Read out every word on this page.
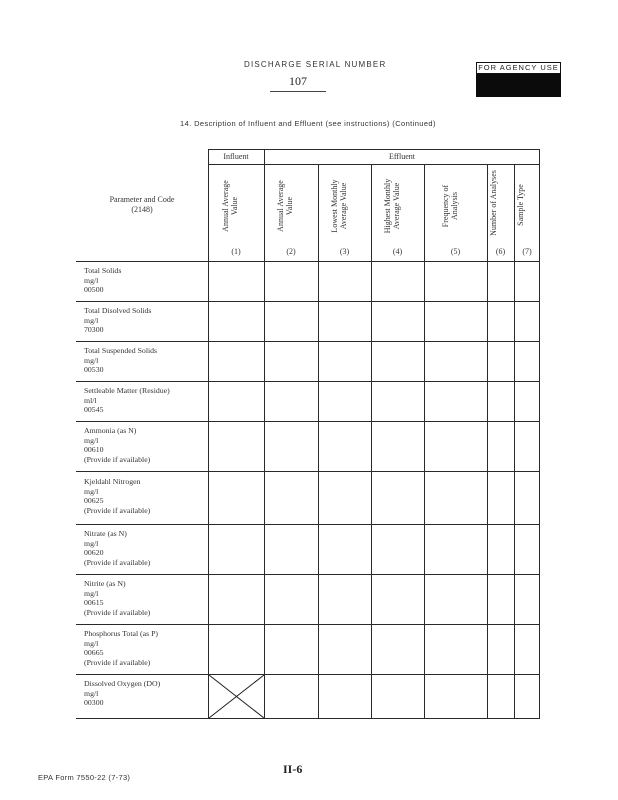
DISCHARGE SERIAL NUMBER
107
FOR AGENCY USE
14. Description of Influent and Effluent (see instructions) (Continued)
Influent	Effluent
Parameter and Code
(2148)	Annual Average Value	Annual Average Value	Lowest Monthly Average Value	Highest Monthly Average Value	Frequency of Analysis	Number of Analyses	Sample Type
(1)	(2)	(3)	(4)	(5)	(6)	(7)
Total Solids
mg/l
00500
Total Disolved Solids
mg/l
70300
Total Suspended Solids
mg/l
00530
Settleable Matter (Residue)
ml/l
00545
Ammonia (as N)
mg/l
00610
(Provide if available)
Kjeldahl Nitrogen
mg/l
00625
(Provide if available)
Nitrate (as N)
mg/l
00620
(Provide if available)
Nitrite (as N)
mg/l
00615
(Provide if available)
Phosphorus Total (as P)
mg/l
00665
(Provide if available)
Dissolved Oxygen (DO)
mg/l
00300
II-6
EPA Form 7550-22 (7-73)
